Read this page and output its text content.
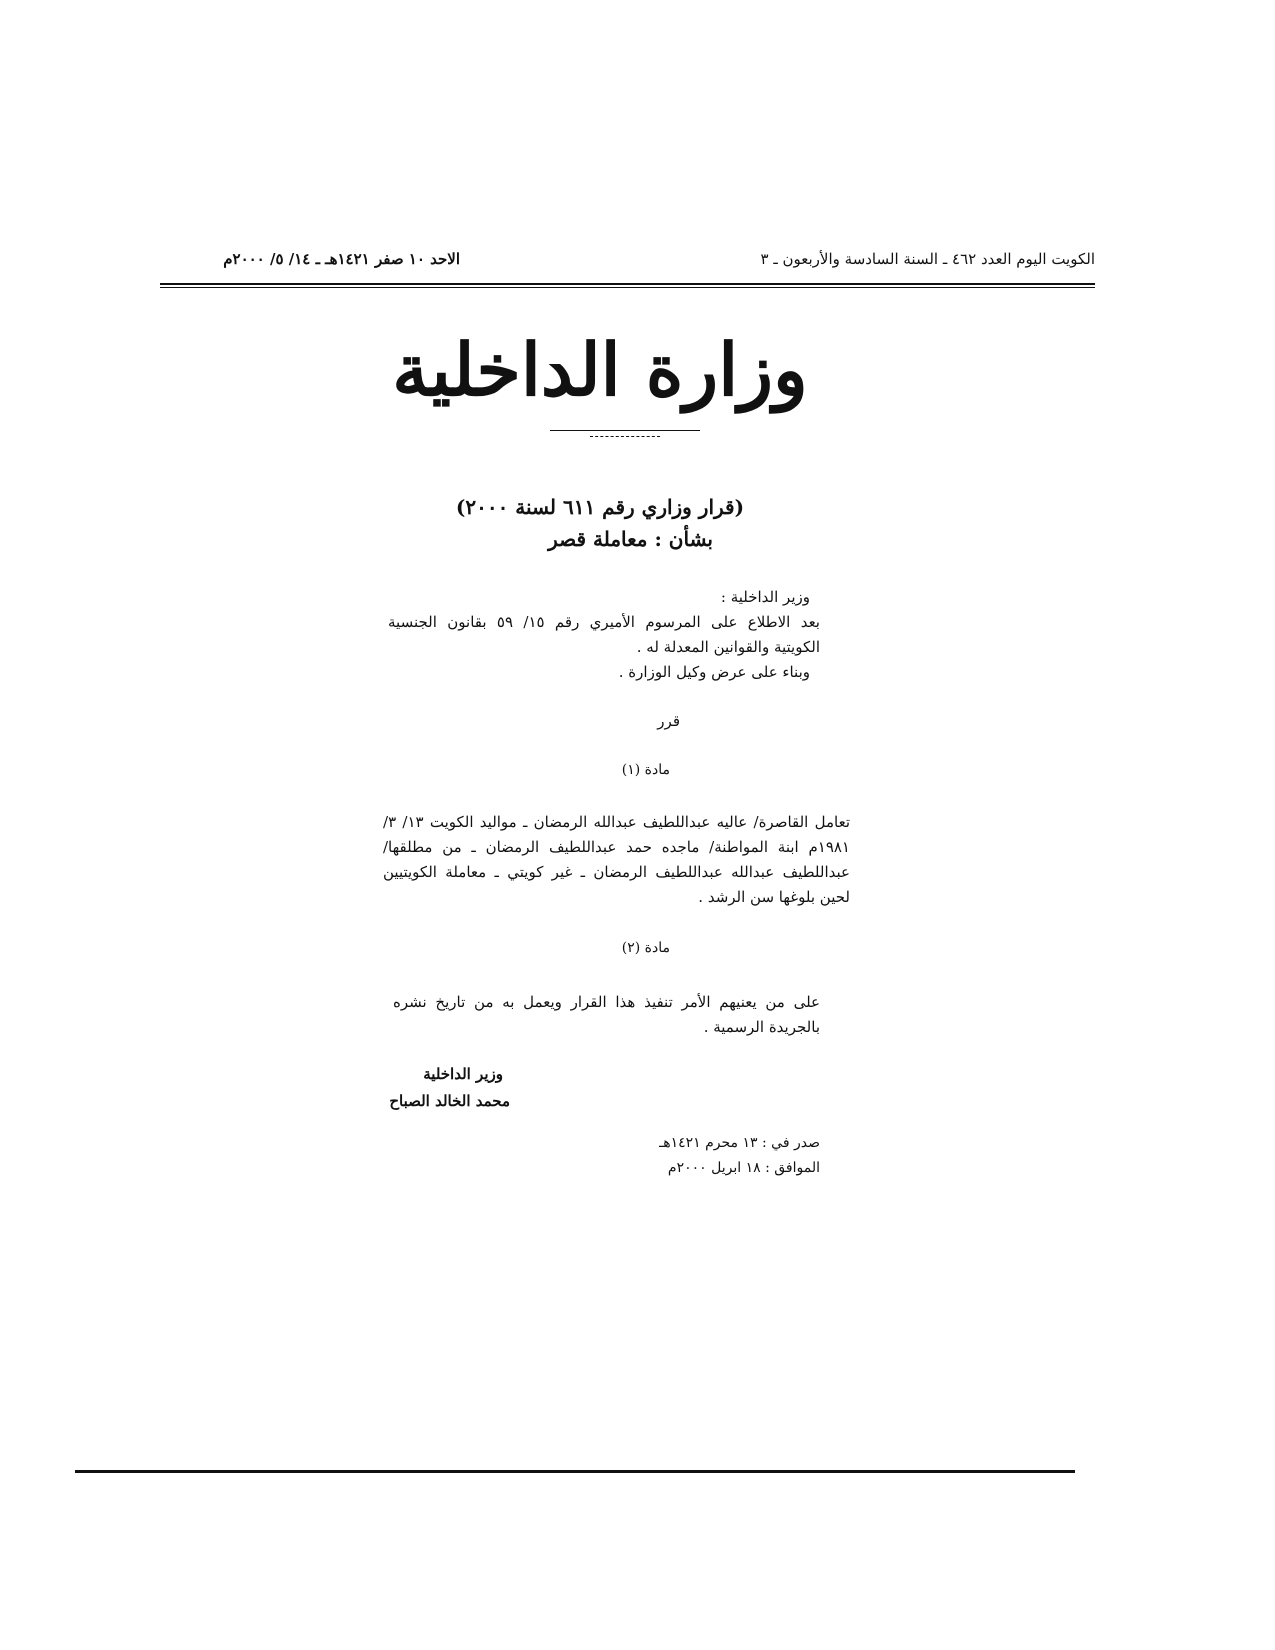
الكويت اليوم العدد ٤٦٢ ـ السنة السادسة والأربعون ـ ٣
الاحد ١٠ صفر ١٤٢١هـ ـ ١٤/ ٥/ ٢٠٠٠م
وزارة الداخلية
(قرار وزاري رقم ٦١١ لسنة ٢٠٠٠)
بشأن : معاملة قصر
وزير الداخلية :
بعد الاطلاع على المرسوم الأميري رقم ١٥/ ٥٩ بقانون الجنسية الكويتية والقوانين المعدلة له .
وبناء على عرض وكيل الوزارة .
قرر
مادة (١)
تعامل القاصرة/ عاليه عبداللطيف عبدالله الرمضان ـ مواليد الكويت ١٣/ ٣/ ١٩٨١م ابنة المواطنة/ ماجده حمد عبداللطيف الرمضان ـ من مطلقها/ عبداللطيف عبدالله عبداللطيف الرمضان ـ غير كويتي ـ معاملة الكويتيين لحين بلوغها سن الرشد .
مادة (٢)
على من يعنيهم الأمر تنفيذ هذا القرار ويعمل به من تاريخ نشره بالجريدة الرسمية .
وزير الداخلية
محمد الخالد الصباح
صدر في : ١٣ محرم ١٤٢١هـ
الموافق : ١٨ ابريل ٢٠٠٠م
